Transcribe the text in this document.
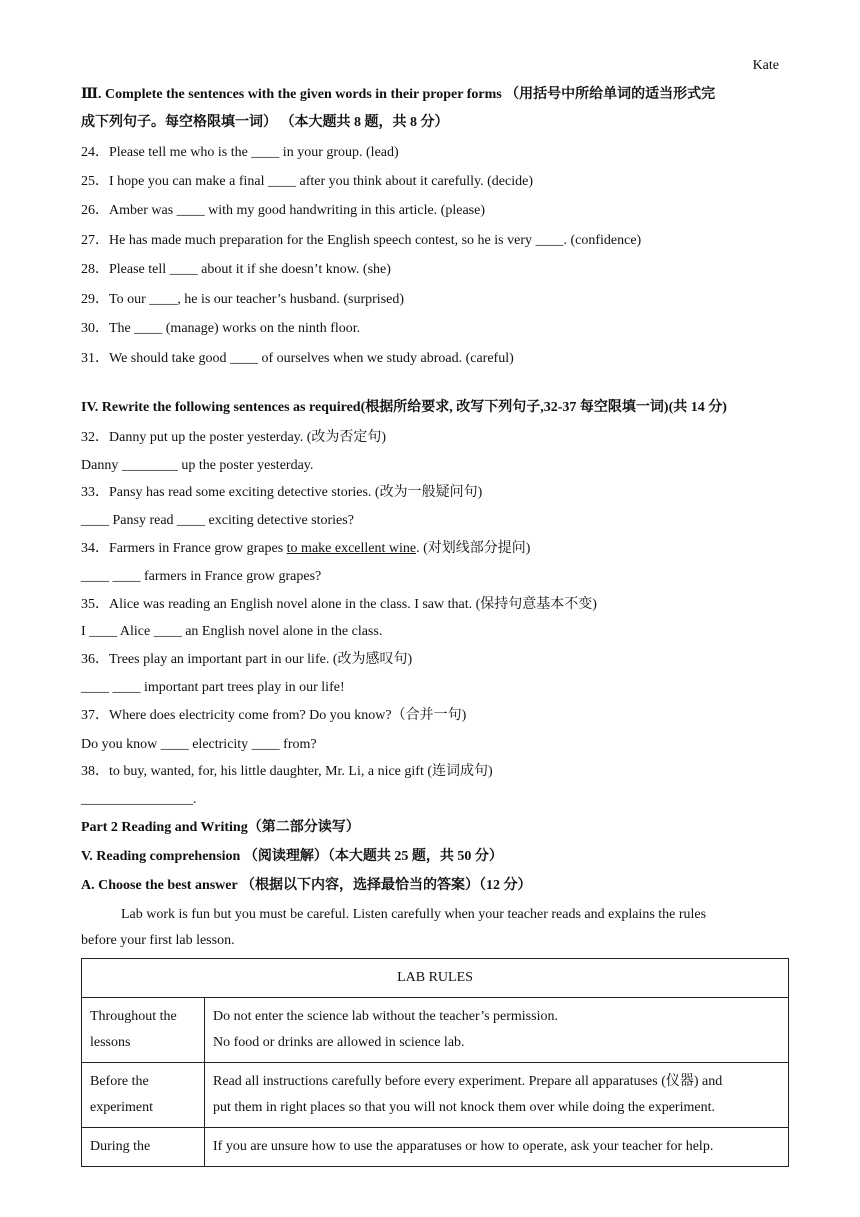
Kate
Ⅲ. Complete the sentences with the given words in their proper forms （用括号中所给单词的适当形式完
成下列句子。每空格限填一词） （本大题共 8 题，共 8 分）
24．Please tell me who is the ____ in your group. (lead)
25．I hope you can make a final ____ after you think about it carefully. (decide)
26．Amber was ____ with my good handwriting in this article. (please)
27．He has made much preparation for the English speech contest, so he is very ____. (confidence)
28．Please tell ____ about it if she doesn’t know. (she)
29．To our ____, he is our teacher’s husband. (surprised)
30．The ____ (manage) works on the ninth floor.
31．We should take good ____ of ourselves when we study abroad. (careful)
IV. Rewrite the following sentences as required(根据所给要求, 改写下列句子,32-37 每空限填一词)(共 14 分)
32．Danny put up the poster yesterday. (改为否定句)
Danny ________ up the poster yesterday.
33．Pansy has read some exciting detective stories. (改为一般疑问句)
____ Pansy read ____ exciting detective stories?
34．Farmers in France grow grapes to make excellent wine. (对划线部分提问)
____ ____ farmers in France grow grapes?
35．Alice was reading an English novel alone in the class. I saw that. (保持句意基本不变)
I ____ Alice ____ an English novel alone in the class.
36．Trees play an important part in our life. (改为感叹句)
____ ____ important part trees play in our life!
37．Where does electricity come from? Do you know?（合并一句)
Do you know ____ electricity ____ from?
38．to buy, wanted, for, his little daughter, Mr. Li, a nice gift (连词成句)
________________.
Part 2 Reading and Writing（第二部分读写）
V. Reading comprehension （阅读理解）（本大题共 25 题，共 50 分）
A. Choose the best answer （根据以下内容，选择最恰当的答案）（12 分）
Lab work is fun but you must be careful. Listen carefully when your teacher reads and explains the rules
before your first lab lesson.
LAB RULES	
Throughout the lessons	Do not enter the science lab without the teacher’s permission.
No food or drinks are allowed in science lab.

Before the experiment	Read all instructions carefully before every experiment. Prepare all apparatuses (仪器) and
put them in right places so that you will not knock them over while doing the experiment.

During the	If you are unsure how to use the apparatuses or how to operate, ask your teacher for help.
